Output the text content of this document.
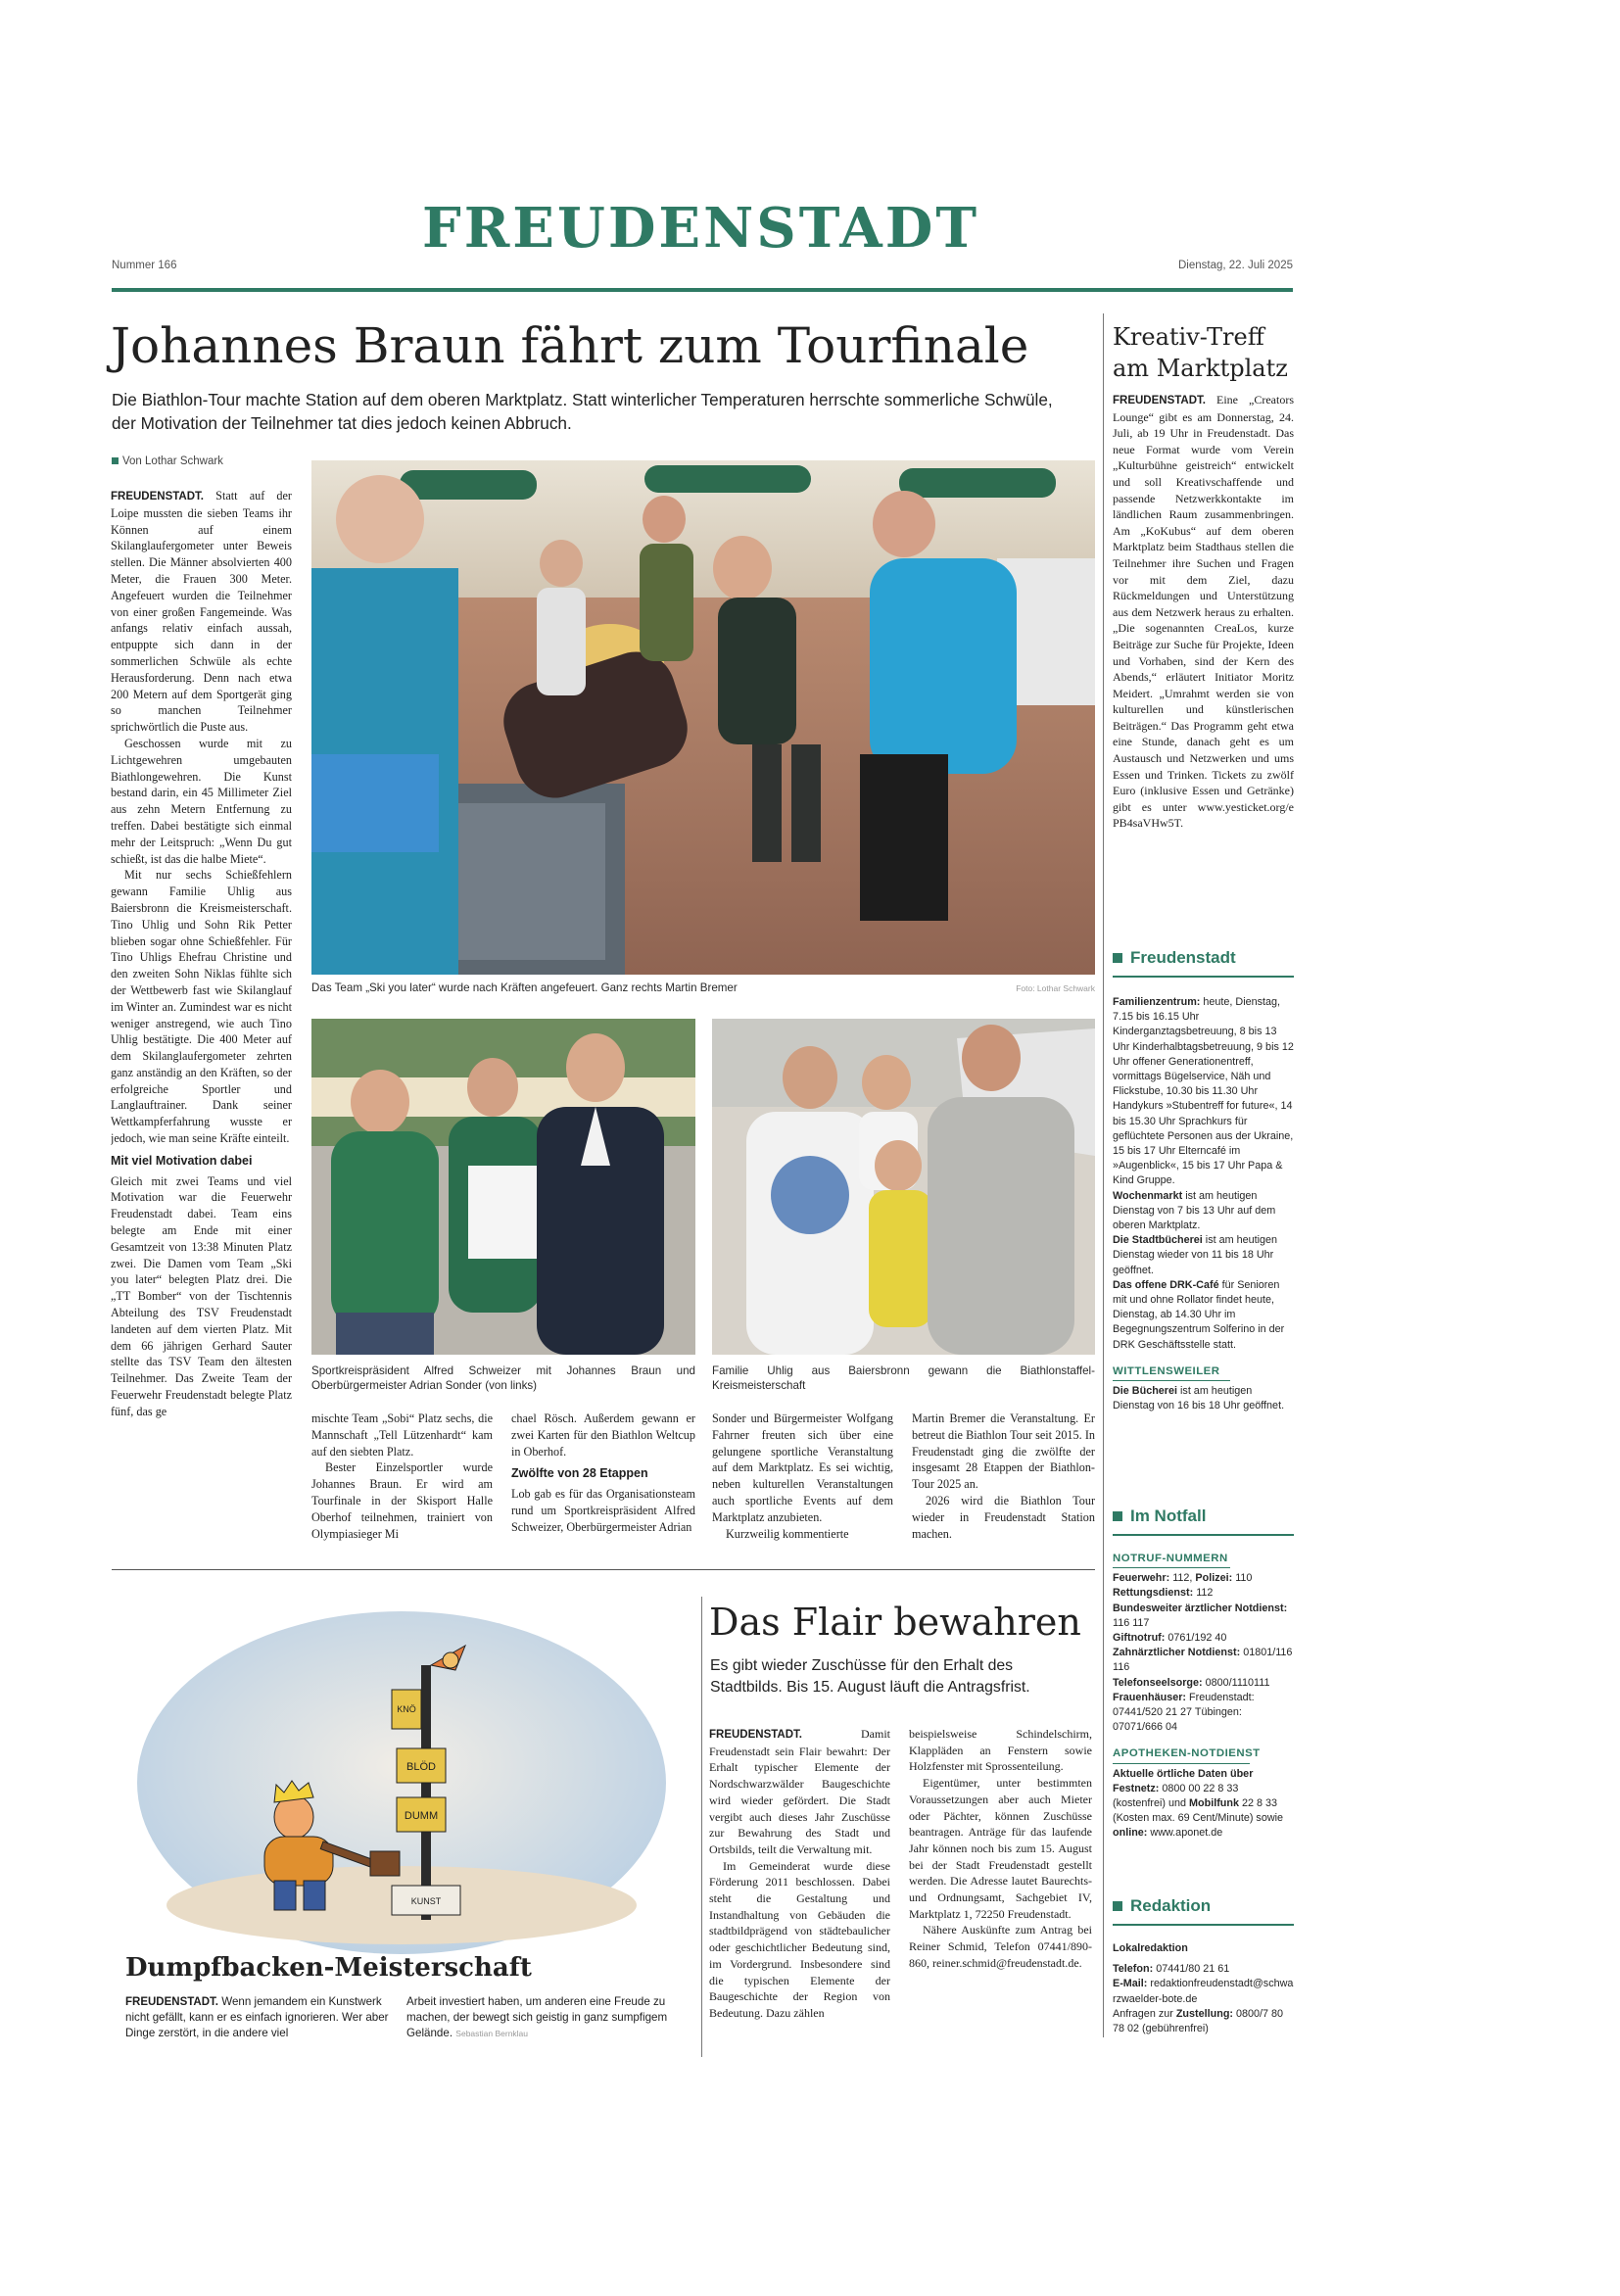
FREUDENSTADT
Nummer 166	Dienstag, 22. Juli 2025
Johannes Braun fährt zum Tourfinale
Die Biathlon-Tour machte Station auf dem oberen Marktplatz. Statt winterlicher Temperaturen herrschte sommerliche Schwüle, der Motivation der Teilnehmer tat dies jedoch keinen Abbruch.
Von Lothar Schwark

FREUDENSTADT. Statt auf der Loipe mussten die sieben Teams ihr Können auf einem Skilanglaufergometer unter Beweis stellen. Die Männer absolvierten 400 Meter, die Frauen 300 Meter. Angefeuert wurden die Teilnehmer von einer großen Fangemeinde. Was anfangs relativ einfach aussah, entpuppte sich dann in der sommerlichen Schwüle als echte Herausforderung. Denn nach etwa 200 Metern auf dem Sportgerät ging so manchen Teilnehmer sprichwörtlich die Puste aus.

Geschossen wurde mit zu Lichtgewehren umgebauten Biathlongewehren. Die Kunst bestand darin, ein 45 Millimeter Ziel aus zehn Metern Entfernung zu treffen. Dabei bestätigte sich einmal mehr der Leitspruch: „Wenn Du gut schießt, ist das die halbe Miete“.

Mit nur sechs Schießfehlern gewann Familie Uhlig aus Baiersbronn die Kreismeisterschaft. Tino Uhlig und Sohn Rik Petter blieben sogar ohne Schießfehler. Für Tino Uhligs Ehefrau Christine und den zweiten Sohn Niklas fühlte sich der Wettbewerb fast wie Skilanglauf im Winter an. Zumindest war es nicht weniger anstregend, wie auch Tino Uhlig bestätigte. Die 400 Meter auf dem Skilanglaufergometer zehrten ganz anständig an den Kräften, so der erfolgreiche Sportler und Langlauftrainer. Dank seiner Wettkampferfahrung wusste er jedoch, wie man seine Kräfte einteilt.

Mit viel Motivation dabei

Gleich mit zwei Teams und viel Motivation war die Feuerwehr Freudenstadt dabei. Team eins belegte am Ende mit einer Gesamtzeit von 13:38 Minuten Platz zwei. Die Damen vom Team „Ski you later“ belegten Platz drei. Die „TT Bomber“ von der Tischtennis Abteilung des TSV Freudenstadt landeten auf dem vierten Platz. Mit dem 66 jährigen Gerhard Sauter stellte das TSV Team den ältesten Teilnehmer. Das Zweite Team der Feuerwehr Freudenstadt belegte Platz fünf, das ge

Das Team „Ski you later“ wurde nach Kräften angefeuert. Ganz rechts Martin Bremer	Foto: Lothar Schwark
Sportkreispräsident Alfred Schweizer mit Johannes Braun und Oberbürgermeister Adrian Sonder (von links)
Familie Uhlig aus Baiersbronn gewann die Biathlonstaffel-Kreismeisterschaft

mischte Team „Sobi“ Platz sechs, die Mannschaft „Tell Lützenhardt“ kam auf den siebten Platz.

Bester Einzelsportler wurde Johannes Braun. Er wird am Tourfinale in der Skisport Halle Oberhof teilnehmen, trainiert von Olympiasieger Mi

chael Rösch. Außerdem gewann er zwei Karten für den Biathlon Weltcup in Oberhof.

Zwölfte von 28 Etappen

Lob gab es für das Organisationsteam rund um Sportkreispräsident Alfred Schweizer, Oberbürgermeister Adrian

Sonder und Bürgermeister Wolfgang Fahrner freuten sich über eine gelungene sportliche Veranstaltung auf dem Marktplatz. Es sei wichtig, neben kulturellen Veranstaltungen auch sportliche Events auf dem Marktplatz anzubieten.

Kurzweilig kommentierte

Martin Bremer die Veranstaltung. Er betreut die Biathlon Tour seit 2015. In Freudenstadt ging die zwölfte der insgesamt 28 Etappen der Biathlon-Tour 2025 an.

2026 wird die Biathlon Tour wieder in Freudenstadt Station machen.

Kreativ-Treff am Marktplatz

FREUDENSTADT. Eine „Creators Lounge“ gibt es am Donnerstag, 24. Juli, ab 19 Uhr in Freudenstadt. Das neue Format wurde vom Verein „Kulturbühne geistreich“ entwickelt und soll Kreativschaffende und passende Netzwerkkontakte im ländlichen Raum zusammenbringen. Am „KoKubus“ auf dem oberen Marktplatz beim Stadthaus stellen die Teilnehmer ihre Suchen und Fragen vor mit dem Ziel, dazu Rückmeldungen und Unterstützung aus dem Netzwerk heraus zu erhalten. „Die sogenannten CreaLos, kurze Beiträge zur Suche für Projekte, Ideen und Vorhaben, sind der Kern des Abends,“ erläutert Initiator Moritz Meidert. „Umrahmt werden sie von kulturellen und künstlerischen Beiträgen.“ Das Programm geht etwa eine Stunde, danach geht es um Austausch und Netzwerken und ums Essen und Trinken. Tickets zu zwölf Euro (inklusive Essen und Getränke) gibt es unter www.yesticket.org/e PB4saVHw5T.

Freudenstadt
Familienzentrum: heute, Dienstag, 7.15 bis 16.15 Uhr Kinderganztagsbetreuung, 8 bis 13 Uhr Kinderhalbtagsbetreuung, 9 bis 12 Uhr offener Generationentreff, vormittags Bügelservice, Näh und Flickstube, 10.30 bis 11.30 Uhr Handykurs »Stubentreff for future«, 14 bis 15.30 Uhr Sprachkurs für geflüchtete Personen aus der Ukraine, 15 bis 17 Uhr Elterncafé im »Augenblick«, 15 bis 17 Uhr Papa & Kind Gruppe.
Wochenmarkt ist am heutigen Dienstag von 7 bis 13 Uhr auf dem oberen Marktplatz.
Die Stadtbücherei ist am heutigen Dienstag wieder von 11 bis 18 Uhr geöffnet.
Das offene DRK-Café für Senioren mit und ohne Rollator findet heute, Dienstag, ab 14.30 Uhr im Begegnungszentrum Solferino in der DRK Geschäftsstelle statt.
WITTLENSWEILER
Die Bücherei ist am heutigen Dienstag von 16 bis 18 Uhr geöffnet.
Im Notfall
NOTRUF-NUMMERN
Feuerwehr: 112, Polizei: 110
Rettungsdienst: 112
Bundesweiter ärztlicher Notdienst: 116 117
Giftnotruf: 0761/192 40
Zahnärztlicher Notdienst: 01801/116 116
Telefonseelsorge: 0800/1110111
Frauenhäuser: Freudenstadt: 07441/520 21 27 Tübingen: 07071/666 04
APOTHEKEN-NOTDIENST
Aktuelle örtliche Daten über Festnetz: 0800 00 22 8 33 (kostenfrei) und Mobilfunk 22 8 33 (Kosten max. 69 Cent/Minute) sowie online: www.aponet.de
Redaktion
Lokalredaktion
Telefon: 07441/80 21 61
E-Mail: redaktionfreudenstadt@schwarzwaelder-bote.de
Anfragen zur Zustellung: 0800/7 80 78 02 (gebührenfrei)
Das Flair bewahren
Es gibt wieder Zuschüsse für den Erhalt des Stadtbilds. Bis 15. August läuft die Antragsfrist.

FREUDENSTADT.	Damit Freudenstadt sein Flair bewahrt: Der Erhalt typischer Elemente der Nordschwarzwälder Baugeschichte wird wieder gefördert. Die Stadt vergibt auch dieses Jahr Zuschüsse zur Bewahrung des Stadt und Ortsbilds, teilt die Verwaltung mit.

Im Gemeinderat wurde diese Förderung 2011 beschlossen. Dabei steht die Gestaltung und Instandhaltung von Gebäuden die stadtbildprägend von städtebaulicher oder geschichtlicher Bedeutung sind, im Vordergrund. Insbesondere sind die typischen Elemente der Baugeschichte der Region von Bedeutung. Dazu zählen

beispielsweise Schindelschirm, Klappläden an Fenstern sowie Holzfenster mit Sprossenteilung.

Eigentümer, unter bestimmten Voraussetzungen aber auch Mieter oder Pächter, können Zuschüsse beantragen. Anträge für das laufende Jahr können noch bis zum 15. August bei der Stadt Freudenstadt gestellt werden. Die Adresse lautet Baurechts- und Ordnungsamt, Sachgebiet IV, Marktplatz 1, 72250 Freudenstadt.

Nähere Auskünfte zum Antrag bei Reiner Schmid, Telefon 07441/890-860, reiner.schmid@freudenstadt.de.

KNÖ
BLÖD
DUMM
KUNST
Dumpfbacken-Meisterschaft

FREUDENSTADT. Wenn jemandem ein Kunstwerk nicht gefällt, kann er es einfach ignorieren. Wer aber Dinge zerstört, in die andere viel

Arbeit investiert haben, um anderen eine Freude zu machen, der bewegt sich geistig in ganz sumpfigem Gelände. Sebastian Bernklau
